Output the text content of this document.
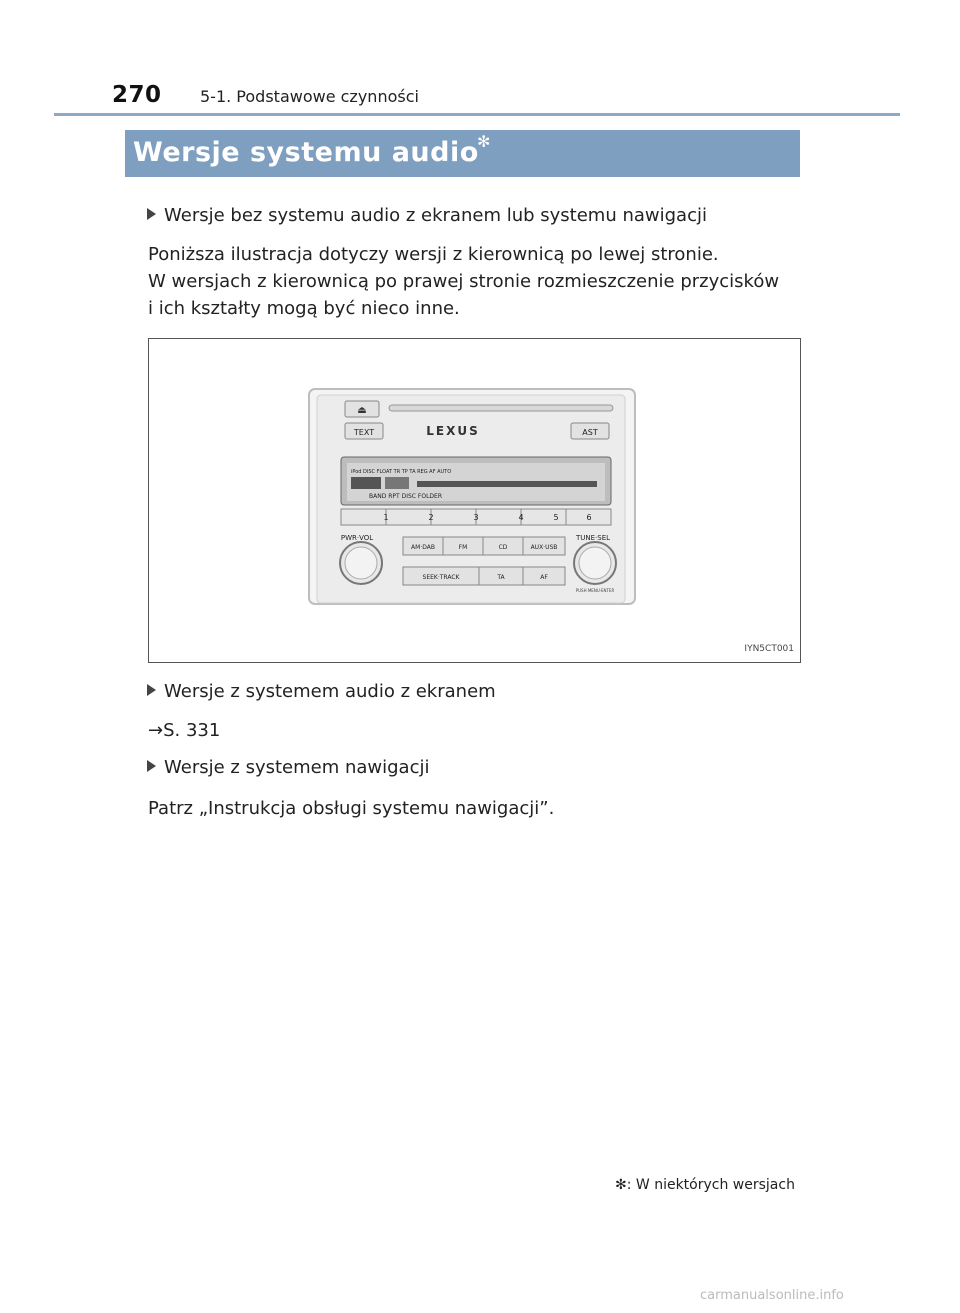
270 5-1. Podstawowe czynności
Wersje systemu audio
✻
Wersje bez systemu audio z ekranem lub systemu nawigacji
Poniższa ilustracja dotyczy wersji z kierownicą po lewej stronie.
W wersjach z kierownicą po prawej stronie rozmieszczenie przycisków
i ich kształty mogą być nieco inne.
⏏
TEXT	LEXUS	AST
iPod DISC FLOAT TR TP TA REG AF AUTO
BAND RPT DISC FOLDER
1	2	3	4	5	6
PWR·VOL	TUNE·SEL
AM·DAB	FM	CD	AUX·USB
SEEK·TRACK	TA	AF
PUSH MENU·ENTER
IYN5CT001
Wersje z systemem audio z ekranem
→S. 331
Wersje z systemem nawigacji
Patrz „Instrukcja obsługi systemu nawigacji”.
✻: W niektórych wersjach
carmanualsonline.info
